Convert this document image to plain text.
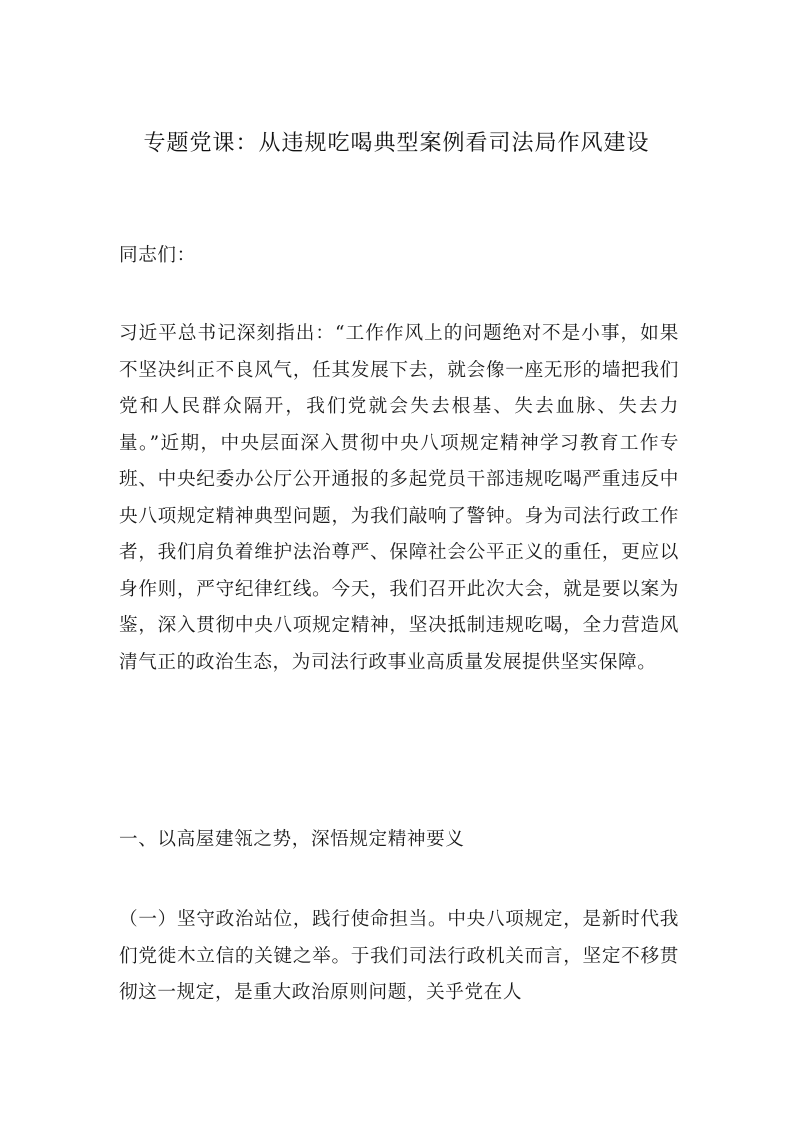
专题党课：从违规吃喝典型案例看司法局作风建设

同志们：

习近平总书记深刻指出：“工作作风上的问题绝对不是小事，如果不坚决纠正不良风气，任其发展下去，就会像一座无形的墙把我们党和人民群众隔开，我们党就会失去根基、失去血脉、失去力量。”近期，中央层面深入贯彻中央八项规定精神学习教育工作专班、中央纪委办公厅公开通报的多起党员干部违规吃喝严重违反中央八项规定精神典型问题，为我们敲响了警钟。身为司法行政工作者，我们肩负着维护法治尊严、保障社会公平正义的重任，更应以身作则，严守纪律红线。今天，我们召开此次大会，就是要以案为鉴，深入贯彻中央八项规定精神，坚决抵制违规吃喝，全力营造风清气正的政治生态，为司法行政事业高质量发展提供坚实保障。

一、以高屋建瓴之势，深悟规定精神要义

（一）坚守政治站位，践行使命担当。中央八项规定，是新时代我们党徙木立信的关键之举。于我们司法行政机关而言，坚定不移贯彻这一规定，是重大政治原则问题，关乎党在人
